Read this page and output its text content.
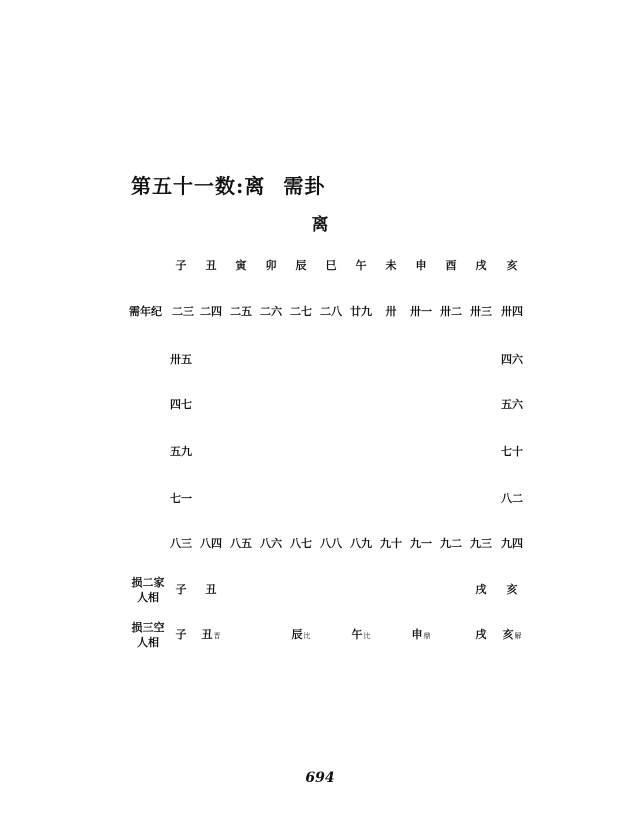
第五十一数:离 需卦
离
子 丑 寅 卯 辰 巳 午 未 申 酉 戌 亥
需年纪 二三 二四 二五 二六 二七 二八 廿九 卅 卅一 卅二 卅三 卅四
卅五	四六
四七	五六
五九	七十
七一	八二
八三 八四 八五 八六 八七 八八 八九 九十 九一 九二 九三 九四
损二家
人相
子 丑	戌 亥
损三空
人相
子 丑晋	辰比	午比	申鼎	戌 亥解
694
